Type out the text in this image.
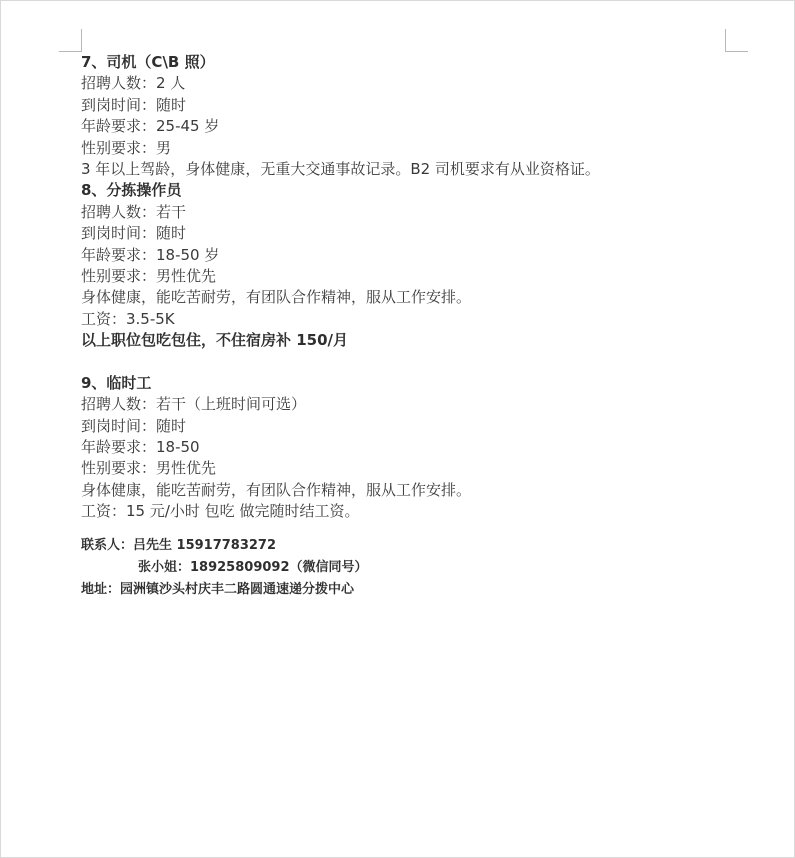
7、司机（C\B 照）
招聘人数：2 人
到岗时间：随时
年龄要求：25-45 岁
性别要求：男
3 年以上驾龄，身体健康，无重大交通事故记录。B2 司机要求有从业资格证。
8、分拣操作员
招聘人数：若干
到岗时间：随时
年龄要求：18-50 岁
性别要求：男性优先
身体健康，能吃苦耐劳，有团队合作精神，服从工作安排。
工资：3.5-5K
以上职位包吃包住，不住宿房补 150/月
9、临时工
招聘人数：若干（上班时间可选）
到岗时间：随时
年龄要求：18-50
性别要求：男性优先
身体健康，能吃苦耐劳，有团队合作精神，服从工作安排。
工资：15 元/小时 包吃 做完随时结工资。
联系人：吕先生 15917783272
张小姐：18925809092（微信同号）
地址：园洲镇沙头村庆丰二路圆通速递分拨中心
